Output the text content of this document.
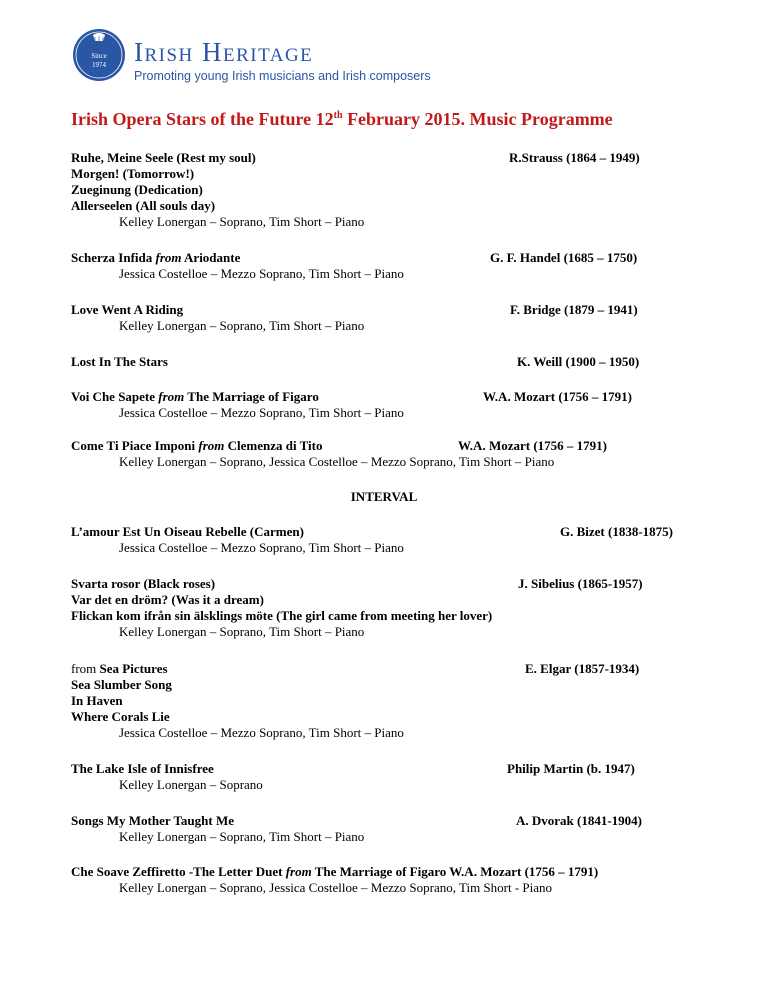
Since
1974 Irish Heritage
Promoting young Irish musicians and Irish composers
Irish Opera Stars of the Future 12th February 2015. Music Programme
Ruhe, Meine Seele (Rest my soul)	R.Strauss (1864 – 1949)
Morgen! (Tomorrow!)
Zueginung (Dedication)
Allerseelen (All souls day)
Kelley Lonergan – Soprano, Tim Short – Piano
Scherza Infida from Ariodante	G. F. Handel (1685 – 1750)
Jessica Costelloe – Mezzo Soprano, Tim Short – Piano
Love Went A Riding	F. Bridge (1879 – 1941)
Kelley Lonergan – Soprano, Tim Short – Piano
Lost In The Stars	K. Weill (1900 – 1950)
Voi Che Sapete from The Marriage of Figaro	W.A. Mozart (1756 – 1791)
Jessica Costelloe – Mezzo Soprano, Tim Short – Piano
Come Ti Piace Imponi from Clemenza di Tito	W.A. Mozart (1756 – 1791)
Kelley Lonergan – Soprano, Jessica Costelloe – Mezzo Soprano, Tim Short – Piano
INTERVAL
L’amour Est Un Oiseau Rebelle (Carmen)	G. Bizet (1838-1875)
Jessica Costelloe – Mezzo Soprano, Tim Short – Piano
Svarta rosor (Black roses)	J. Sibelius (1865-1957)
Var det en dröm? (Was it a dream)
Flickan kom ifrån sin älsklings möte (The girl came from meeting her lover)
Kelley Lonergan – Soprano, Tim Short – Piano
from Sea Pictures	E. Elgar (1857-1934)
Sea Slumber Song
In Haven
Where Corals Lie
Jessica Costelloe – Mezzo Soprano, Tim Short – Piano
The Lake Isle of Innisfree	Philip Martin (b. 1947)
Kelley Lonergan – Soprano
Songs My Mother Taught Me	A. Dvorak (1841-1904)
Kelley Lonergan – Soprano, Tim Short – Piano
Che Soave Zeffiretto -The Letter Duet from The Marriage of Figaro W.A. Mozart (1756 – 1791)
Kelley Lonergan – Soprano, Jessica Costelloe – Mezzo Soprano, Tim Short - Piano
